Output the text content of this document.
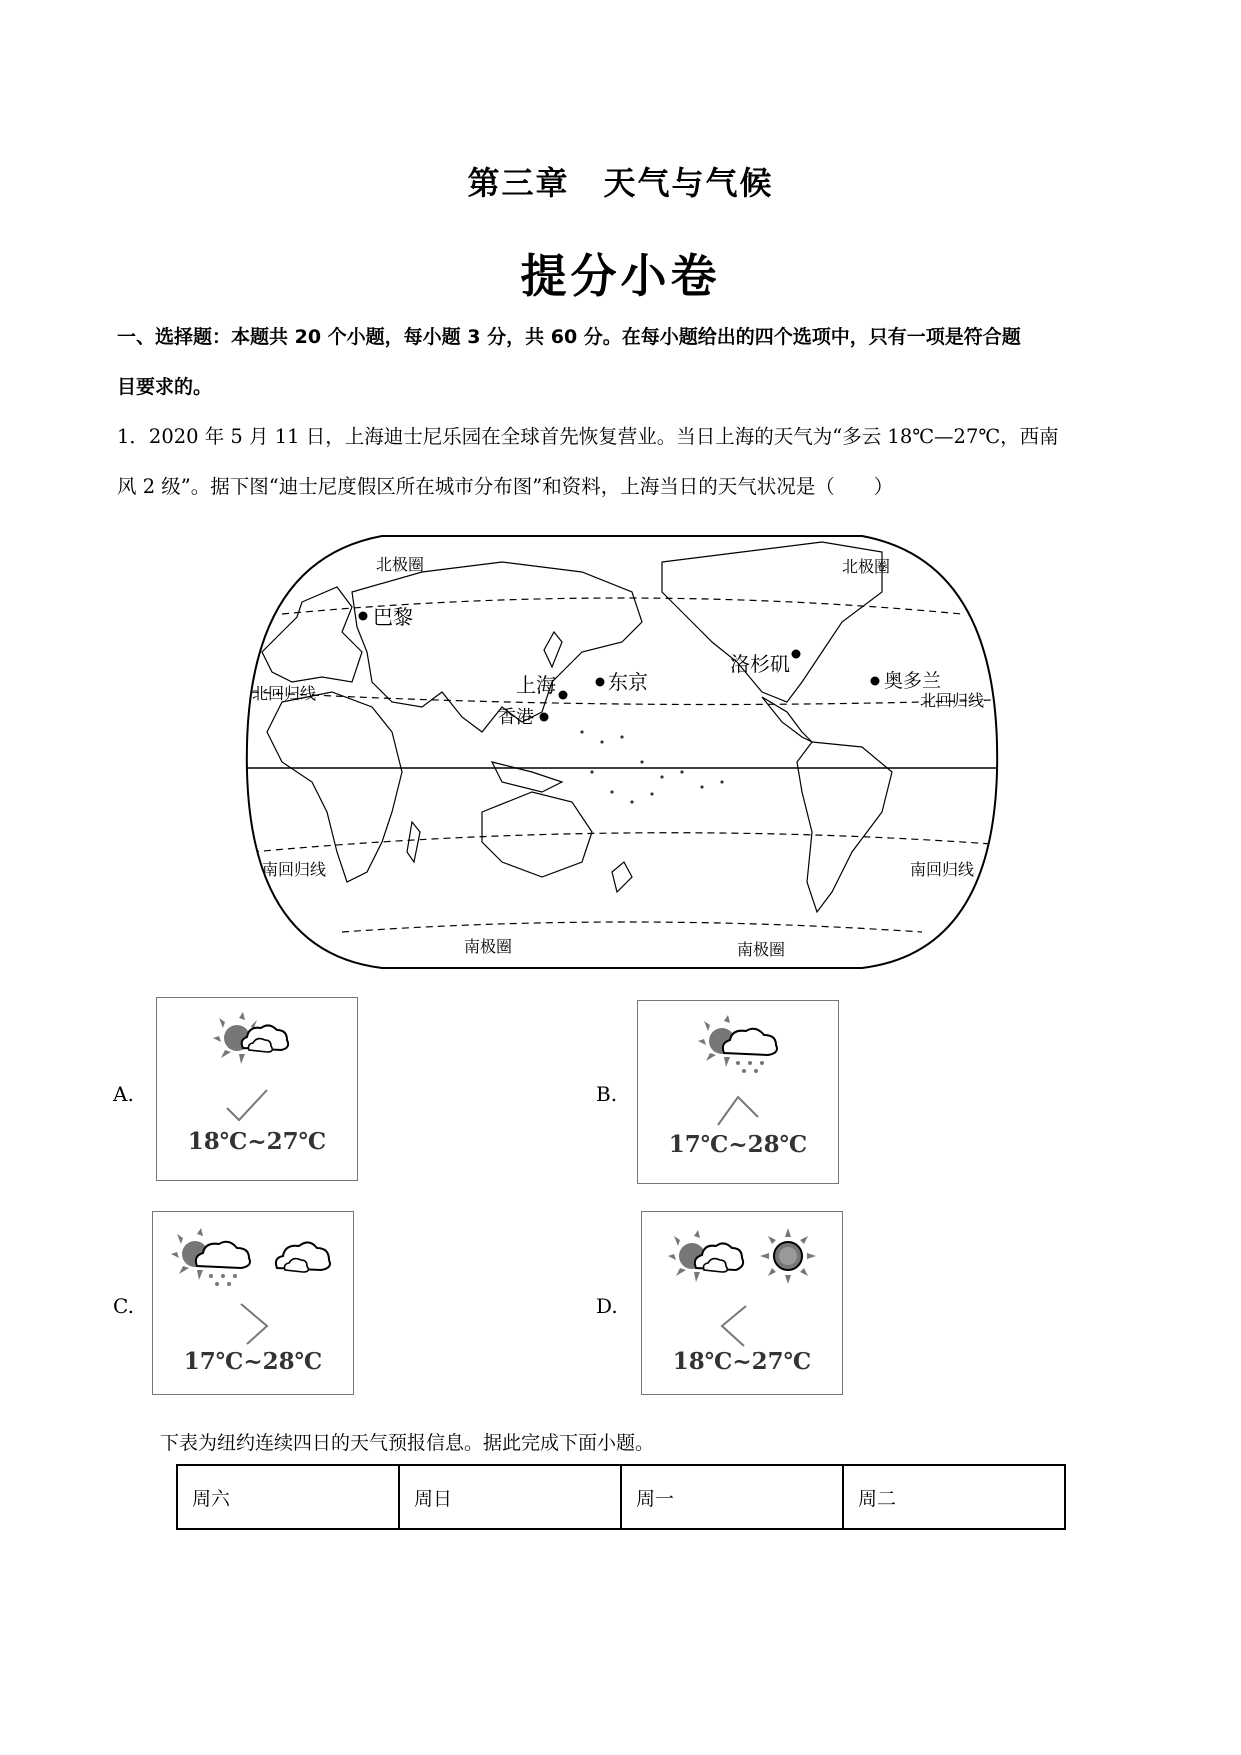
第三章　天气与气候
提分小卷
一、选择题：本题共 20 个小题，每小题 3 分，共 60 分。在每小题给出的四个选项中，只有一项是符合题
目要求的。
1．2020 年 5 月 11 日，上海迪士尼乐园在全球首先恢复营业。当日上海的天气为“多云 18℃—27℃，西南
风 2 级”。据下图“迪士尼度假区所在城市分布图”和资料，上海当日的天气状况是（　　）
北极圈	北极圈
北回归线	北回归线
南回归线	南回归线
南极圈	南极圈
巴黎
上海	东京
香港
洛杉矶
奥多兰
A.
18℃~27℃
B.
17℃~28℃
C.
17℃~28℃
D.
18℃~27℃
下表为纽约连续四日的天气预报信息。据此完成下面小题。
周六	周日	周一	周二
